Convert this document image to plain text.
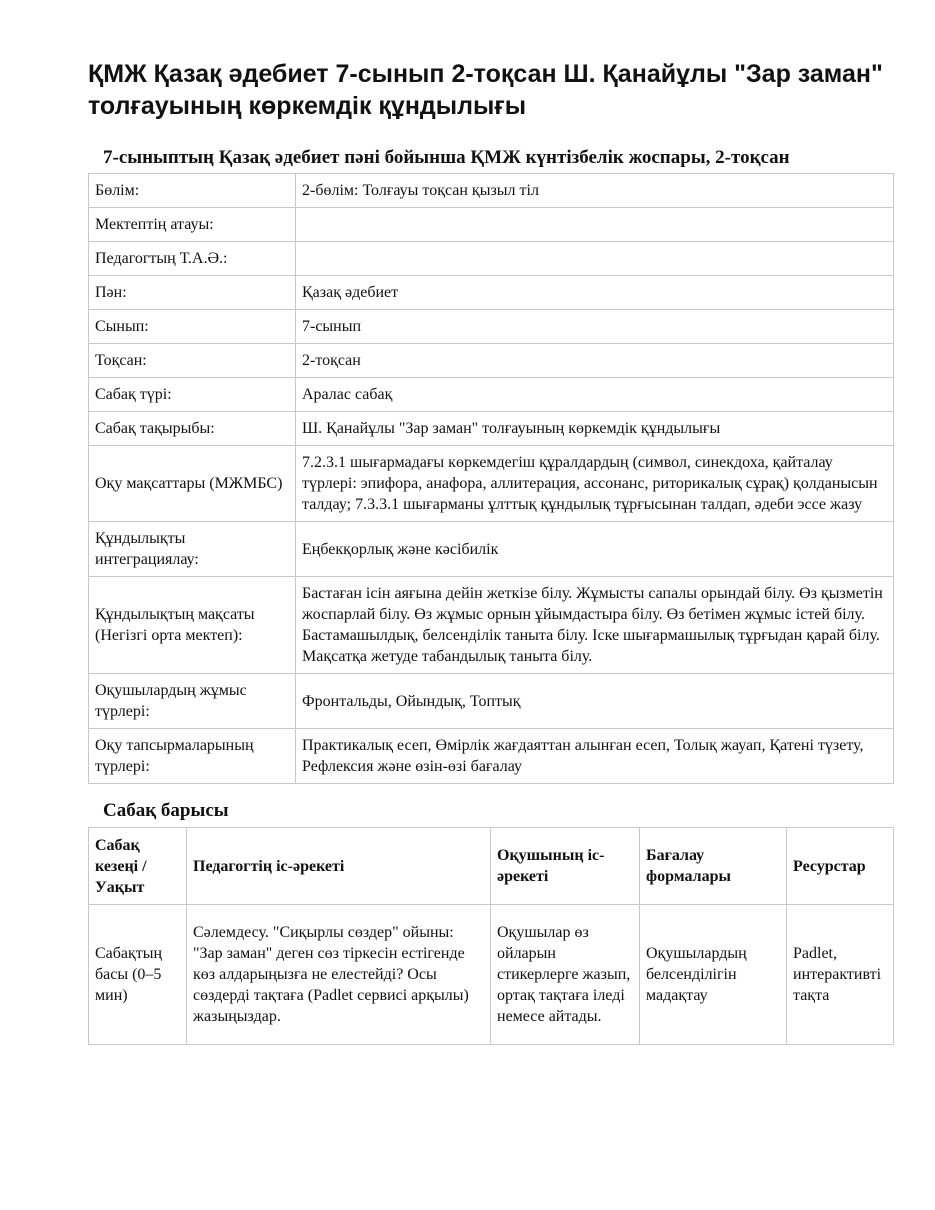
ҚМЖ Қазақ әдебиет 7-сынып 2-тоқсан Ш. Қанайұлы "Зар заман" толғауының көркемдік құндылығы
7-сыныптың Қазақ әдебиет пәні бойынша ҚМЖ күнтізбелік жоспары, 2-тоқсан
Бөлім:	2-бөлім: Толғауы тоқсан қызыл тіл
Мектептің атауы:	
Педагогтың Т.А.Ә.:	
Пән:	Қазақ әдебиет
Сынып:	7-сынып
Тоқсан:	2-тоқсан
Сабақ түрі:	Аралас сабақ
Сабақ тақырыбы:	Ш. Қанайұлы "Зар заман" толғауының көркемдік құндылығы
Оқу мақсаттары (МЖМБС)	7.2.3.1 шығармадағы көркемдегіш құралдардың (символ, синекдоха, қайталау түрлері: эпифора, анафора, аллитерация, ассонанс, риторикалық сұрақ) қолданысын талдау; 7.3.3.1 шығарманы ұлттық құндылық тұрғысынан талдап, әдеби эссе жазу
Құндылықты интеграциялау:	Еңбекқорлық және кәсібилік
Құндылықтың мақсаты (Негізгі орта мектеп):	Бастаған ісін аяғына дейін жеткізе білу. Жұмысты сапалы орындай білу. Өз қызметін жоспарлай білу. Өз жұмыс орнын ұйымдастыра білу. Өз бетімен жұмыс істей білу. Бастамашылдық, белсенділік таныта білу. Іске шығармашылық тұрғыдан қарай білу. Мақсатқа жетуде табандылық таныта білу.
Оқушылардың жұмыс түрлері:	Фронтальды, Ойындық, Топтық
Оқу тапсырмаларының түрлері:	Практикалық есеп, Өмірлік жағдаяттан алынған есеп, Толық жауап, Қатені түзету, Рефлексия және өзін-өзі бағалау
Сабақ барысы
Сабақ кезеңі / Уақыт	Педагогтің іс-әрекеті	Оқушының іс-әрекеті	Бағалау формалары	Ресурстар
Сабақтың басы (0–5 мин)	Сәлемдесу. "Сиқырлы сөздер" ойыны: "Зар заман" деген сөз тіркесін естігенде көз алдарыңызға не елестейді? Осы сөздерді тақтаға (Padlet сервисі арқылы) жазыңыздар.	Оқушылар өз ойларын стикерлерге жазып, ортақ тақтаға іледі немесе айтады.	Оқушылардың белсенділігін мадақтау	Padlet, интерактивті тақта
